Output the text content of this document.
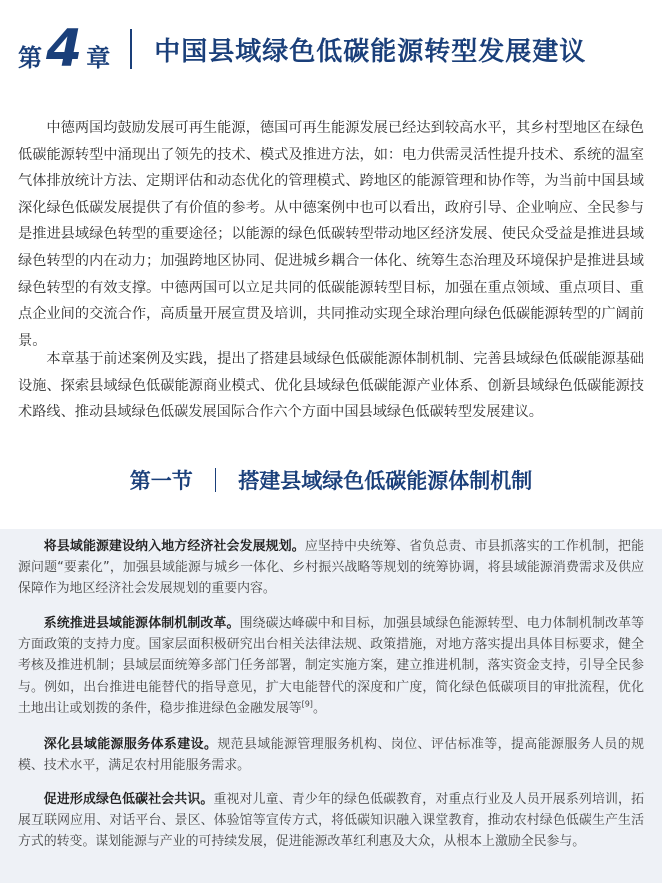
第 4 章 中国县域绿色低碳能源转型发展建议

中德两国均鼓励发展可再生能源，德国可再生能源发展已经达到较高水平，其乡村型地区在绿色低碳能源转型中涌现出了领先的技术、模式及推进方法，如：电力供需灵活性提升技术、系统的温室气体排放统计方法、定期评估和动态优化的管理模式、跨地区的能源管理和协作等，为当前中国县域深化绿色低碳发展提供了有价值的参考。从中德案例中也可以看出，政府引导、企业响应、全民参与是推进县域绿色转型的重要途径；以能源的绿色低碳转型带动地区经济发展、使民众受益是推进县域绿色转型的内在动力；加强跨地区协同、促进城乡耦合一体化、统筹生态治理及环境保护是推进县域绿色转型的有效支撑。中德两国可以立足共同的低碳能源转型目标，加强在重点领域、重点项目、重点企业间的交流合作，高质量开展宣贯及培训，共同推动实现全球治理向绿色低碳能源转型的广阔前景。

本章基于前述案例及实践，提出了搭建县域绿色低碳能源体制机制、完善县域绿色低碳能源基础设施、探索县域绿色低碳能源商业模式、优化县域绿色低碳能源产业体系、创新县域绿色低碳能源技术路线、推动县域绿色低碳发展国际合作六个方面中国县域绿色低碳转型发展建议。

第一节 搭建县域绿色低碳能源体制机制

将县域能源建设纳入地方经济社会发展规划。应坚持中央统筹、省负总责、市县抓落实的工作机制，把能源问题“要素化”，加强县域能源与城乡一体化、乡村振兴战略等规划的统筹协调，将县域能源消费需求及供应保障作为地区经济社会发展规划的重要内容。

系统推进县域能源体制机制改革。围绕碳达峰碳中和目标，加强县域绿色能源转型、电力体制机制改革等方面政策的支持力度。国家层面积极研究出台相关法律法规、政策措施，对地方落实提出具体目标要求，健全考核及推进机制；县域层面统筹多部门任务部署，制定实施方案，建立推进机制，落实资金支持，引导全民参与。例如，出台推进电能替代的指导意见，扩大电能替代的深度和广度，简化绿色低碳项目的审批流程，优化土地出让或划拨的条件，稳步推进绿色金融发展等[9]。

深化县域能源服务体系建设。规范县域能源管理服务机构、岗位、评估标准等，提高能源服务人员的规模、技术水平，满足农村用能服务需求。

促进形成绿色低碳社会共识。重视对儿童、青少年的绿色低碳教育，对重点行业及人员开展系列培训，拓展互联网应用、对话平台、景区、体验馆等宣传方式，将低碳知识融入课堂教育，推动农村绿色低碳生产生活方式的转变。谋划能源与产业的可持续发展，促进能源改革红利惠及大众，从根本上激励全民参与。
